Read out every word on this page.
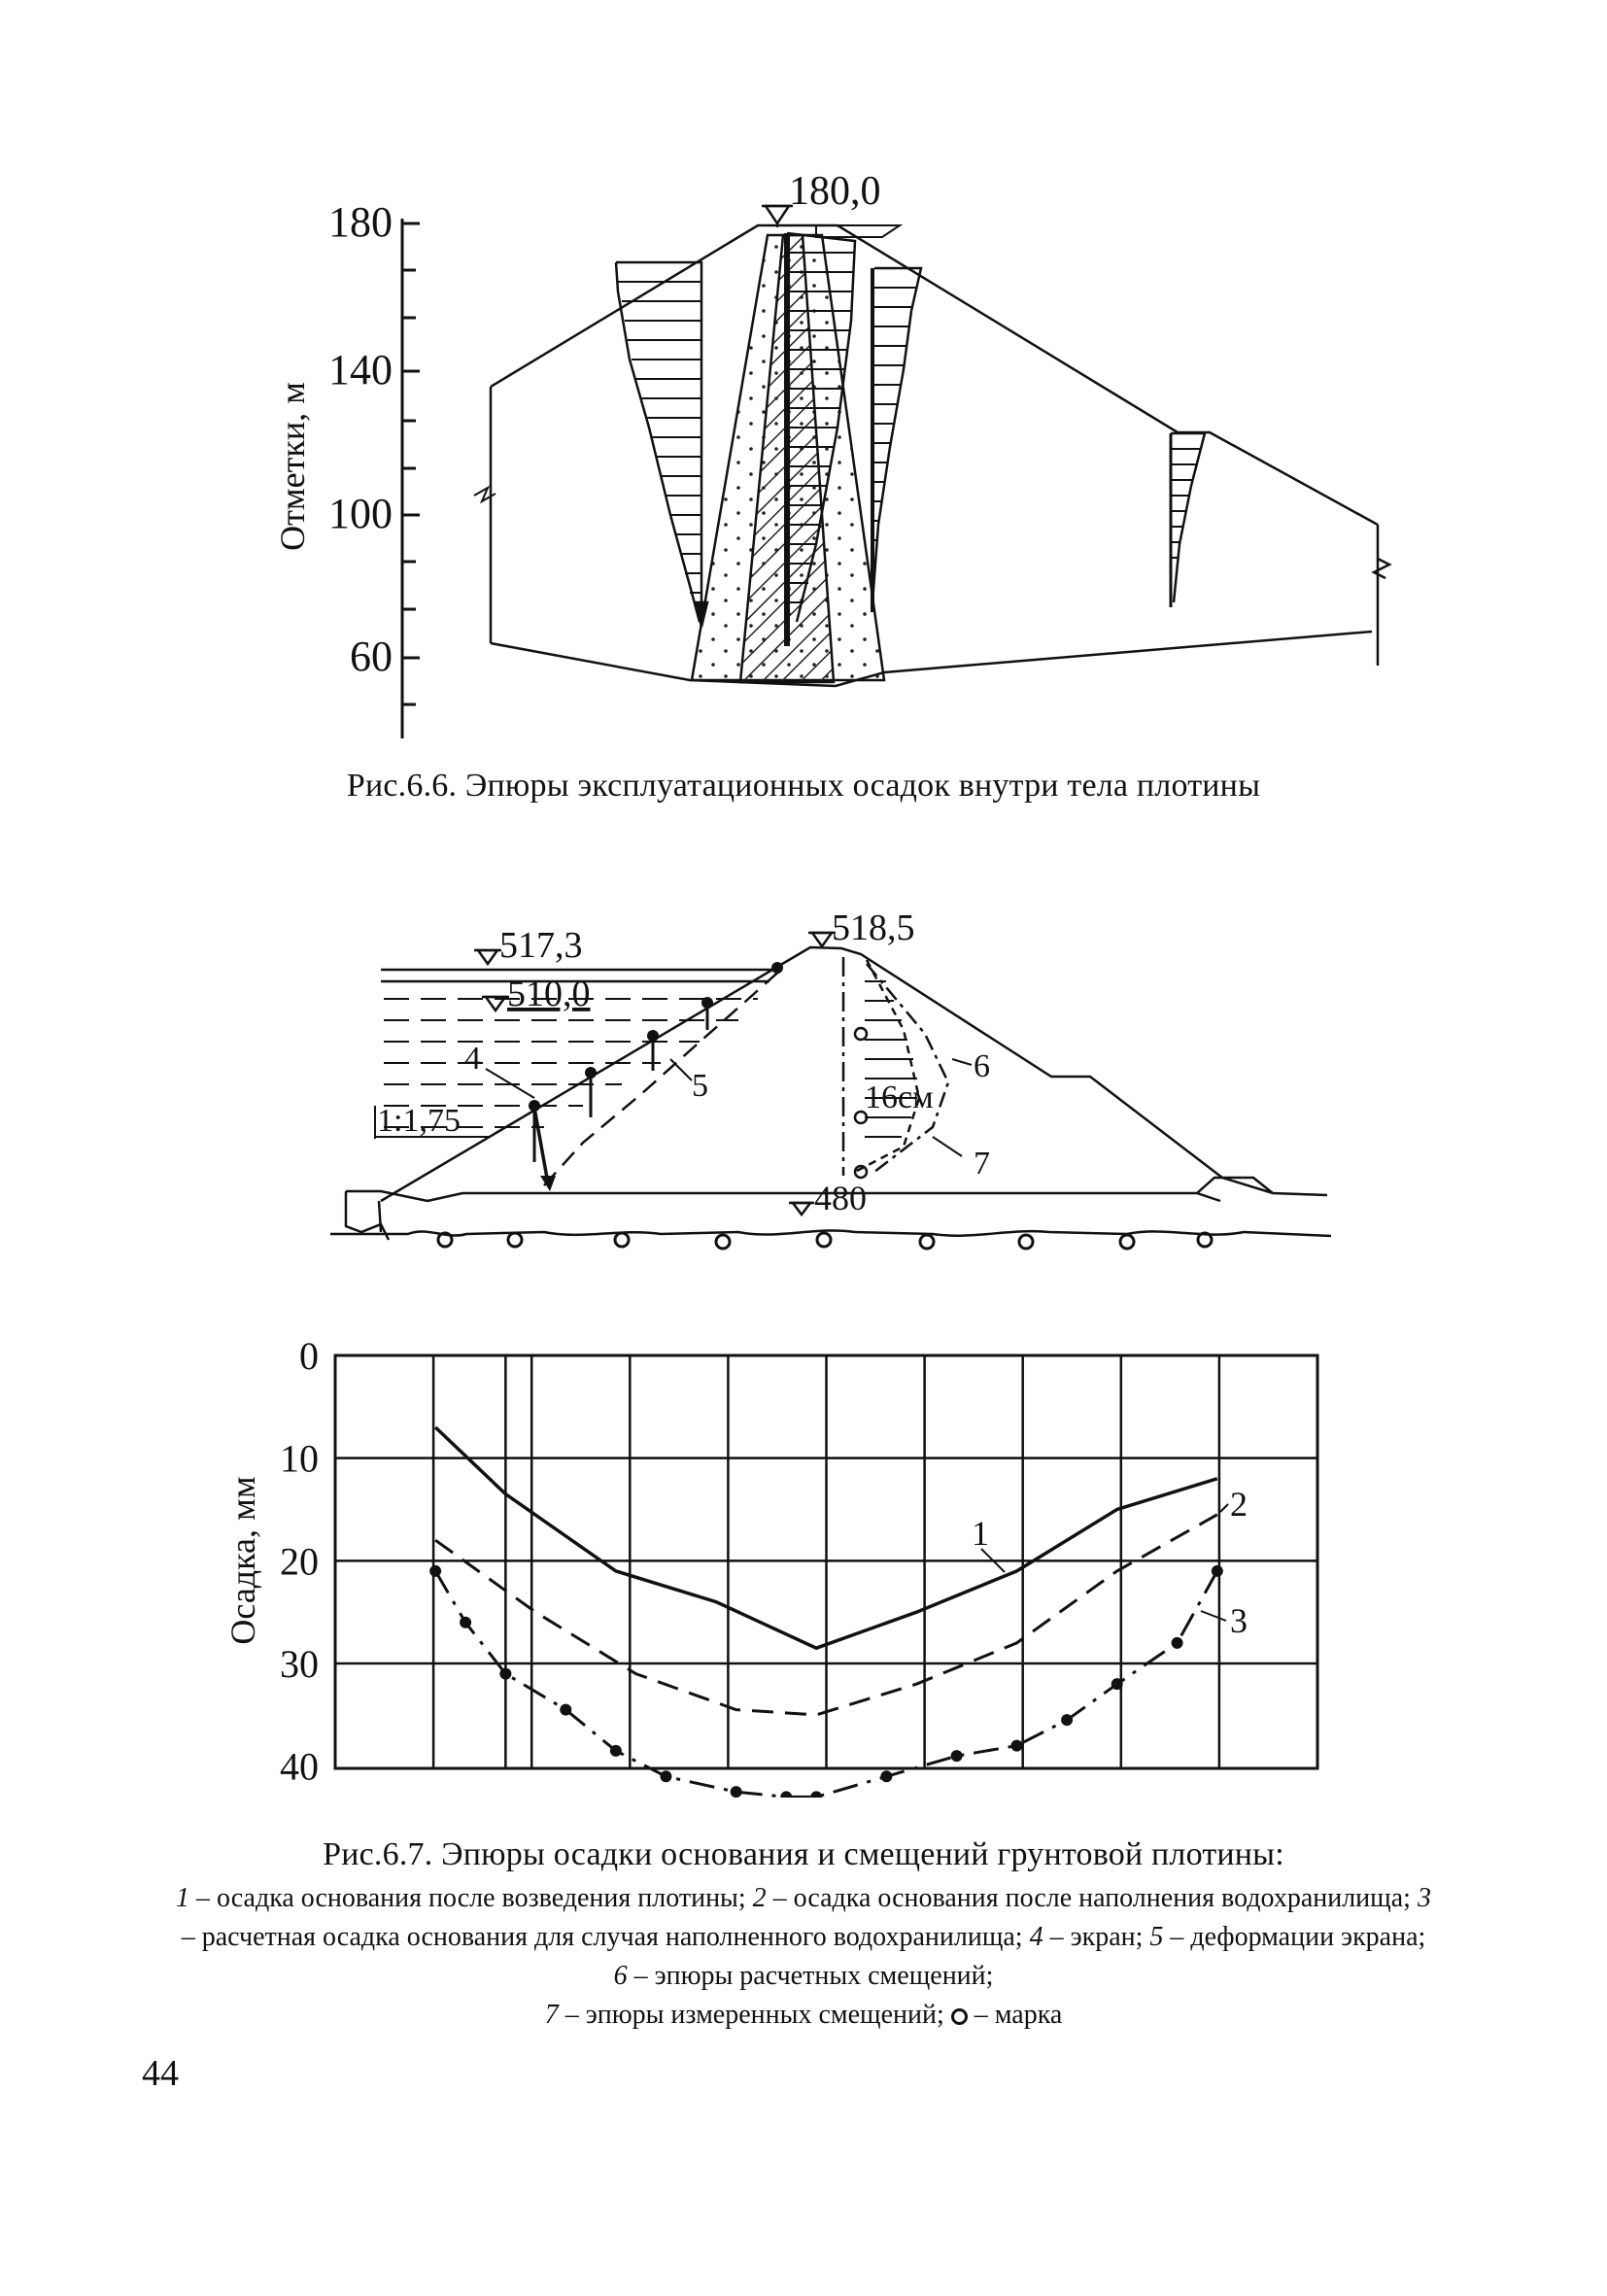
180
140
100
60
Отметки, м
180,0
Рис.6.6. Эпюры эксплуатационных осадок внутри тела плотины
517,3
510,0
518,5
480
1:1,75
16см
4
5
6
7
0
10
20
30
40
Осадка, мм	1
2
3
Рис.6.7. Эпюры осадки основания и смещений грунтовой плотины:
1 – осадка основания после возведения плотины; 2 – осадка основания после наполнения водохранилища; 3 – расчетная осадка основания для случая наполненного водохранилища; 4 – экран; 5 – деформации экрана; 6 – эпюры расчетных смещений;
7 – эпюры измеренных смещений;  – марка
44
